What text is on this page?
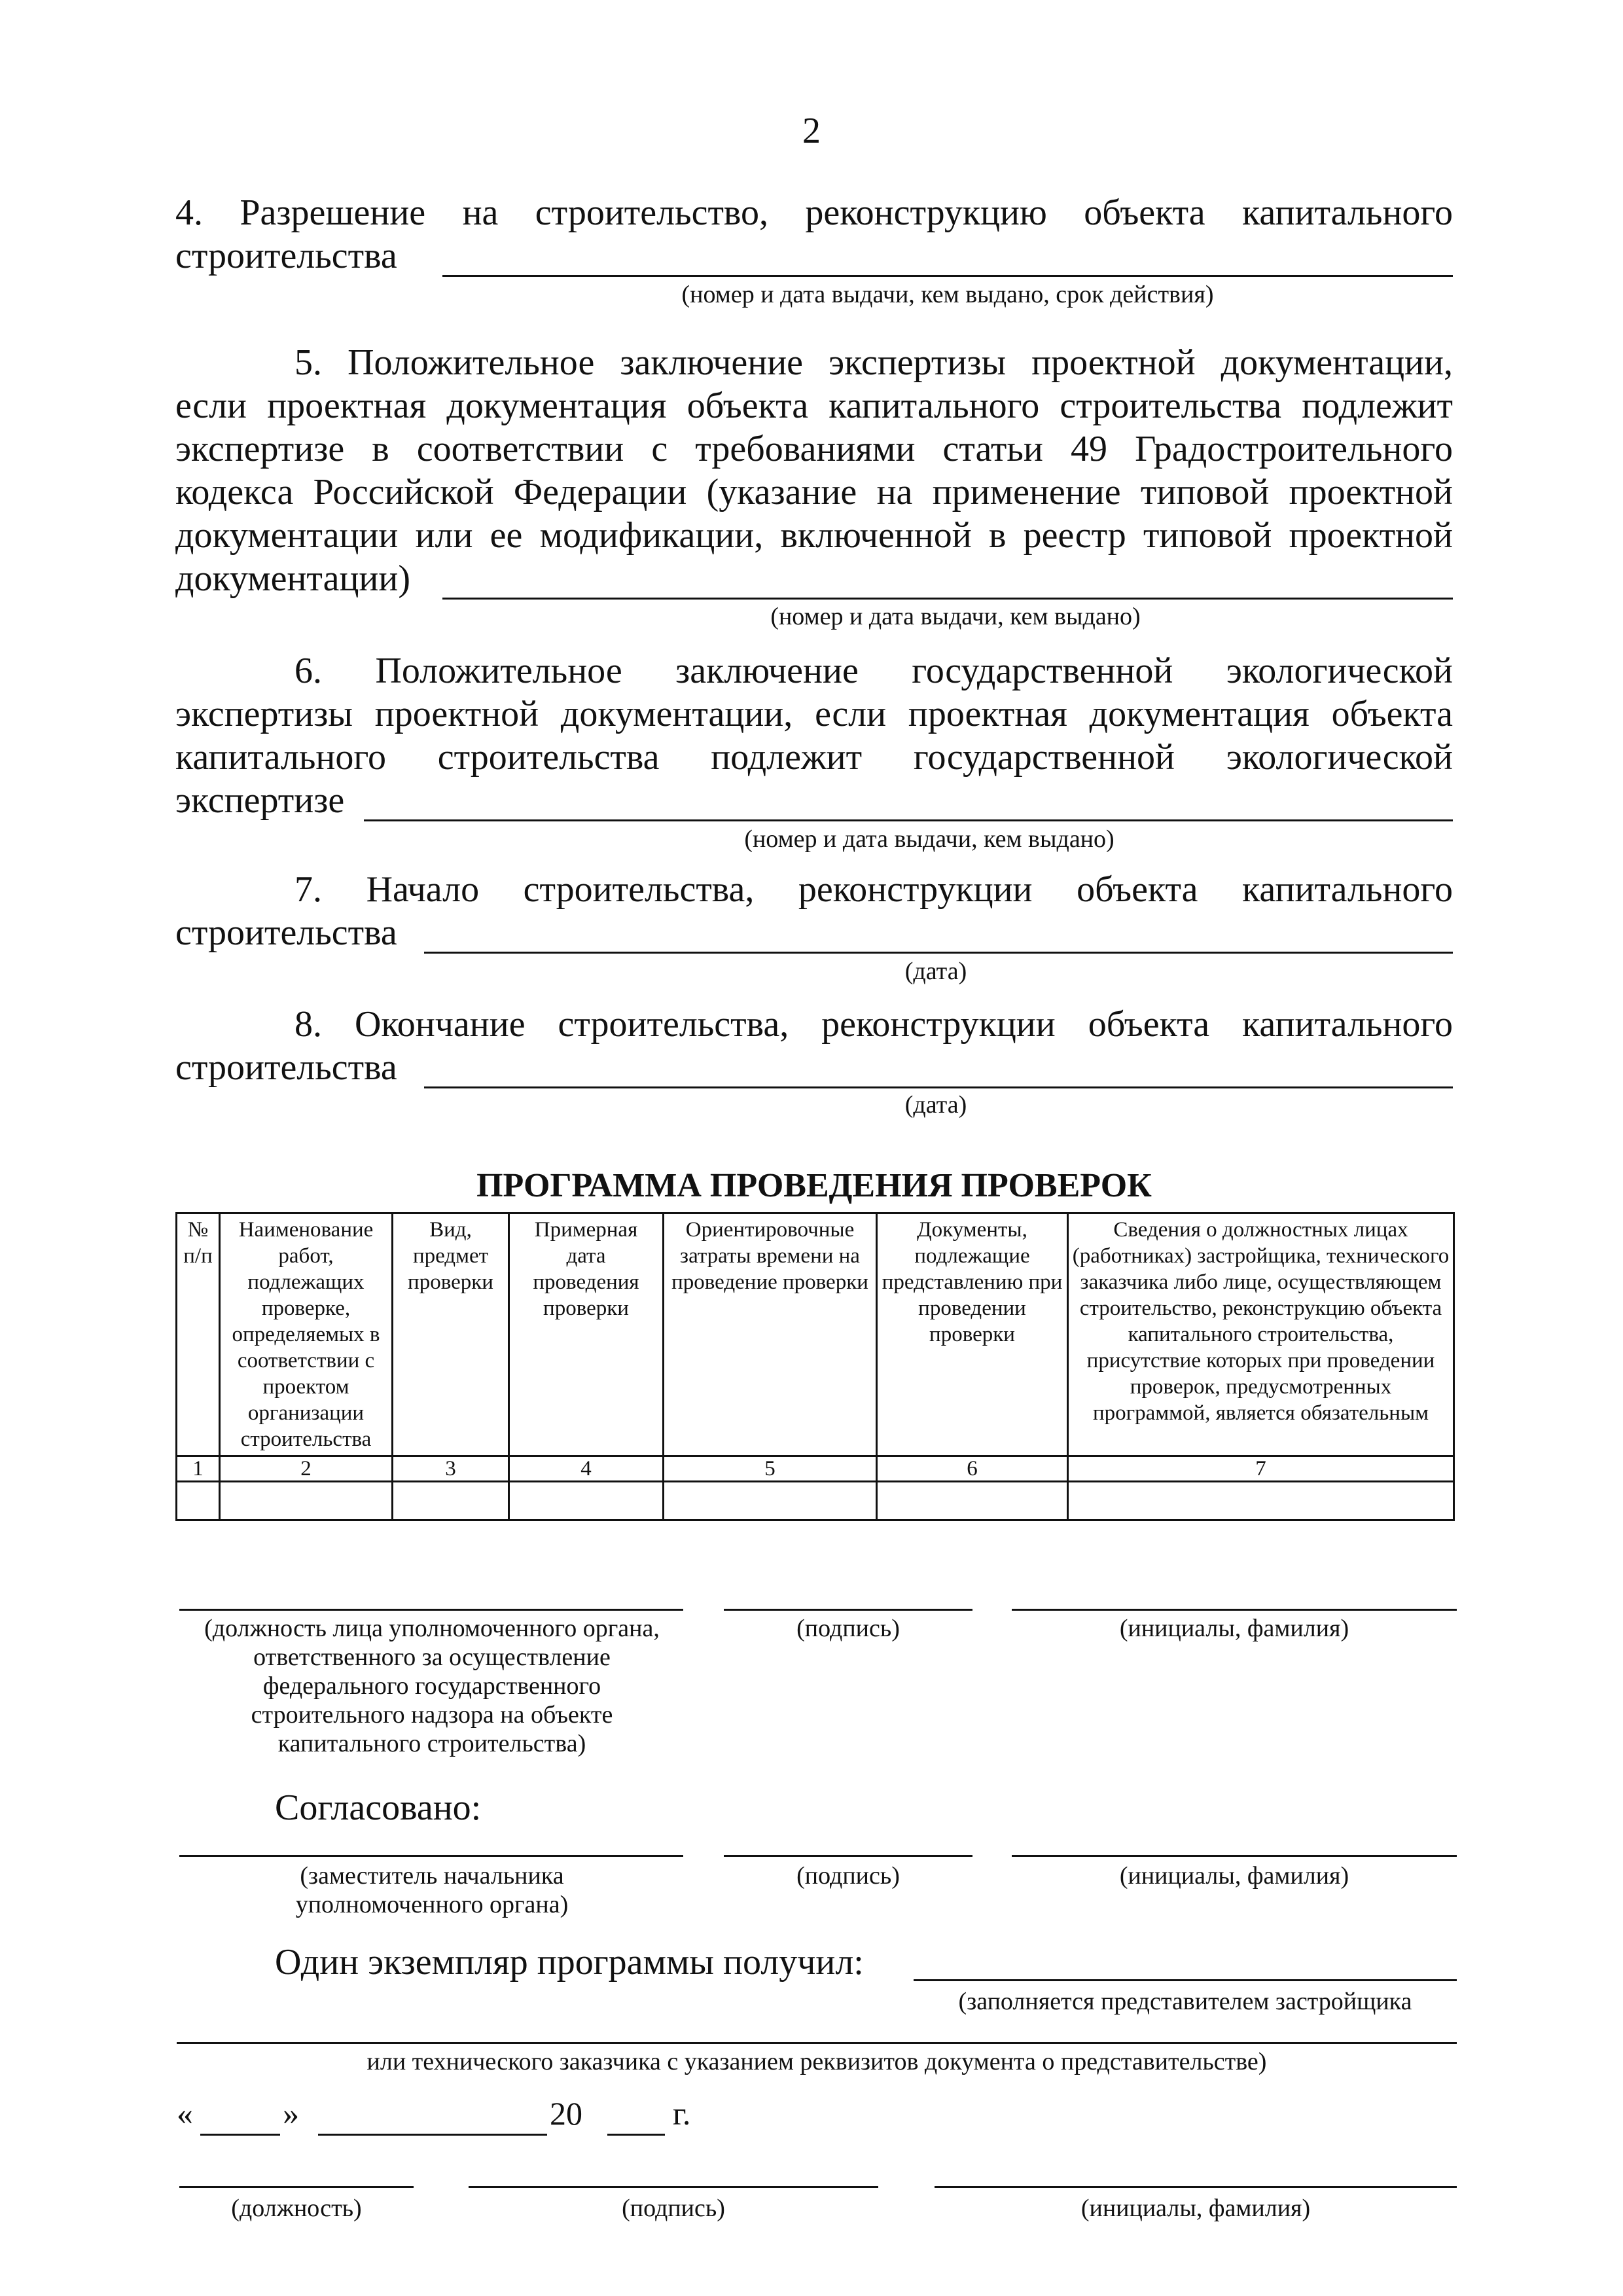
2
4. Разрешение на строительство, реконструкцию объекта капитального
строительства
(номер и дата выдачи, кем выдано, срок действия)
5. Положительное заключение экспертизы проектной документации,
если проектная документация объекта капитального строительства подлежит
экспертизе в соответствии с требованиями статьи 49 Градостроительного
кодекса Российской Федерации (указание на применение типовой проектной
документации или ее модификации, включенной в реестр типовой проектной
документации)
(номер и дата выдачи, кем выдано)
6. Положительное заключение государственной экологической
экспертизы проектной документации, если проектная документация объекта
капитального строительства подлежит государственной экологической
экспертизе
(номер и дата выдачи, кем выдано)
7. Начало строительства, реконструкции объекта капитального
строительства
(дата)
8. Окончание строительства, реконструкции объекта капитального
строительства
(дата)
ПРОГРАММА ПРОВЕДЕНИЯ ПРОВЕРОК
№ п/п	Наименование работ, подлежащих проверке, определяемых в соответствии с проектом организации строительства	Вид, предмет проверки	Примерная дата проведения проверки	Ориентировочные затраты времени на проведение проверки	Документы, подлежащие представлению при проведении проверки	Сведения о должностных лицах (работниках) застройщика, технического заказчика либо лице, осуществляющем строительство, реконструкцию объекта капитального строительства, присутствие которых при проведении проверок, предусмотренных программой, является обязательным
1	2	3	4	5	6	7

(должность лица уполномоченного органа, ответственного за осуществление федерального государственного строительного надзора на объекте капитального строительства)
(подпись)	(инициалы, фамилия)
Согласовано:
(заместитель начальника уполномоченного органа)
(подпись)	(инициалы, фамилия)
Один экземпляр программы получил:
(заполняется представителем застройщика
или технического заказчика с указанием реквизитов документа о представительстве)
«	»	20	г.
(должность)	(подпись)	(инициалы, фамилия)
